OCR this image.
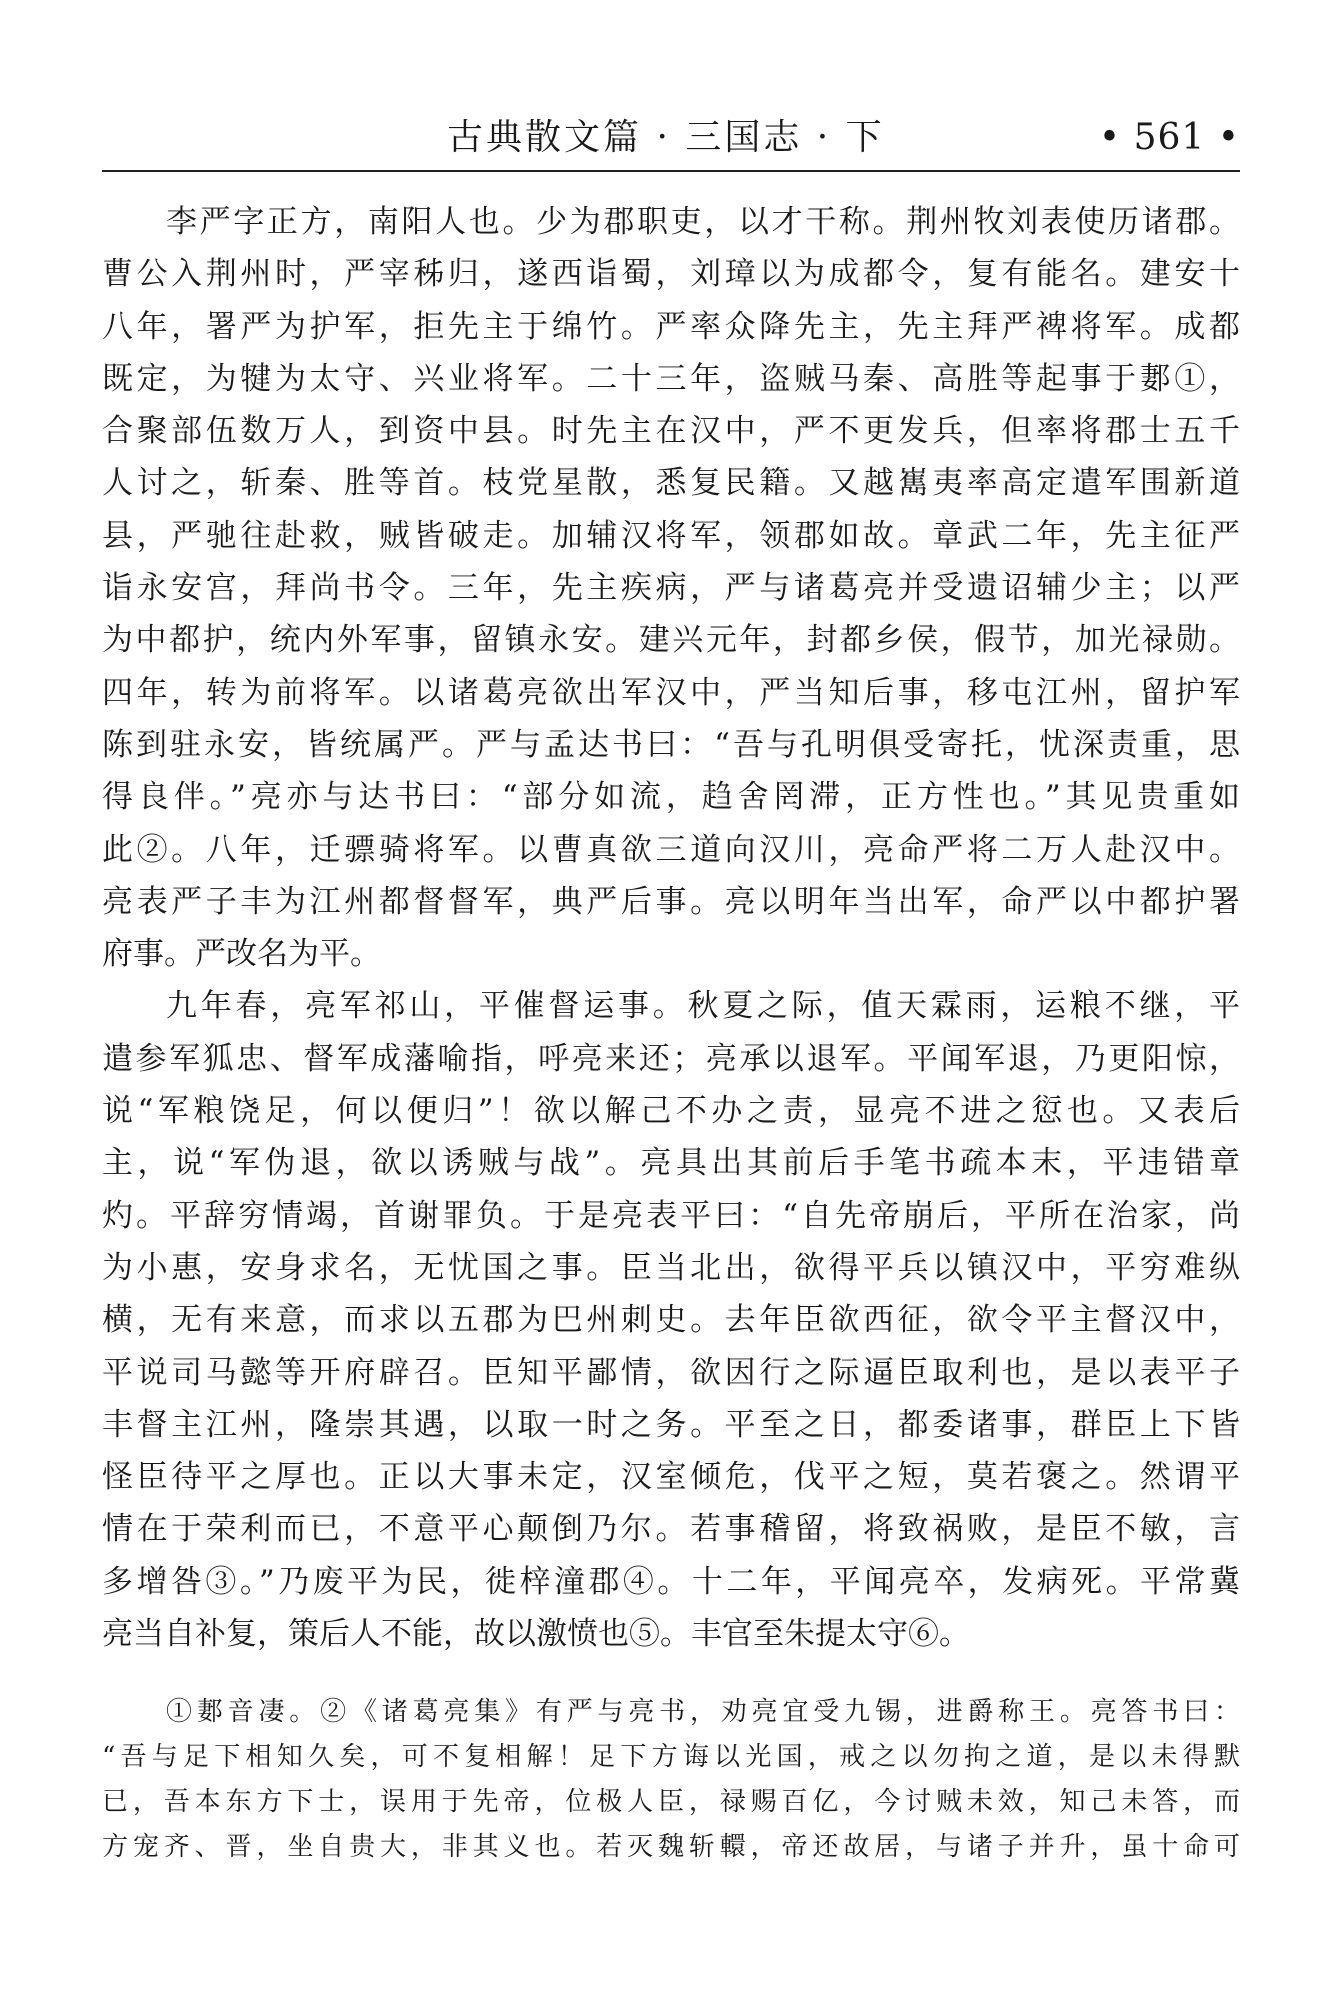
古典散文篇 · 三国志 · 下	• 561 •
李严字正方，南阳人也。少为郡职吏，以才干称。荆州牧刘表使历诸郡。
曹公入荆州时，严宰秭归，遂西诣蜀，刘璋以为成都令，复有能名。建安十
八年，署严为护军，拒先主于绵竹。严率众降先主，先主拜严裨将军。成都
既定，为犍为太守、兴业将军。二十三年，盗贼马秦、高胜等起事于郪①，
合聚部伍数万人，到资中县。时先主在汉中，严不更发兵，但率将郡士五千
人讨之，斩秦、胜等首。枝党星散，悉复民籍。又越嶲夷率高定遣军围新道
县，严驰往赴救，贼皆破走。加辅汉将军，领郡如故。章武二年，先主征严
诣永安宫，拜尚书令。三年，先主疾病，严与诸葛亮并受遗诏辅少主；以严
为中都护，统内外军事，留镇永安。建兴元年，封都乡侯，假节，加光禄勋。
四年，转为前将军。以诸葛亮欲出军汉中，严当知后事，移屯江州，留护军
陈到驻永安，皆统属严。严与孟达书曰：“吾与孔明俱受寄托，忧深责重，思
得良伴。”亮亦与达书曰：“部分如流，趋舍罔滞，正方性也。”其见贵重如
此②。八年，迁骠骑将军。以曹真欲三道向汉川，亮命严将二万人赴汉中。
亮表严子丰为江州都督督军，典严后事。亮以明年当出军，命严以中都护署
府事。严改名为平。
九年春，亮军祁山，平催督运事。秋夏之际，值天霖雨，运粮不继，平
遣参军狐忠、督军成藩喻指，呼亮来还；亮承以退军。平闻军退，乃更阳惊，
说“军粮饶足，何以便归”！欲以解己不办之责，显亮不进之愆也。又表后
主，说“军伪退，欲以诱贼与战”。亮具出其前后手笔书疏本末，平违错章
灼。平辞穷情竭，首谢罪负。于是亮表平曰：“自先帝崩后，平所在治家，尚
为小惠，安身求名，无忧国之事。臣当北出，欲得平兵以镇汉中，平穷难纵
横，无有来意，而求以五郡为巴州刺史。去年臣欲西征，欲令平主督汉中，
平说司马懿等开府辟召。臣知平鄙情，欲因行之际逼臣取利也，是以表平子
丰督主江州，隆崇其遇，以取一时之务。平至之日，都委诸事，群臣上下皆
怪臣待平之厚也。正以大事未定，汉室倾危，伐平之短，莫若褒之。然谓平
情在于荣利而已，不意平心颠倒乃尔。若事稽留，将致祸败，是臣不敏，言
多增咎③。”乃废平为民，徙梓潼郡④。十二年，平闻亮卒，发病死。平常冀
亮当自补复，策后人不能，故以激愤也⑤。丰官至朱提太守⑥。
①郪音凄。②《诸葛亮集》有严与亮书，劝亮宜受九锡，进爵称王。亮答书曰：
“吾与足下相知久矣，可不复相解！足下方诲以光国，戒之以勿拘之道，是以未得默
已，吾本东方下士，误用于先帝，位极人臣，禄赐百亿，今讨贼未效，知己未答，而
方宠齐、晋，坐自贵大，非其义也。若灭魏斩轘，帝还故居，与诸子并升，虽十命可
